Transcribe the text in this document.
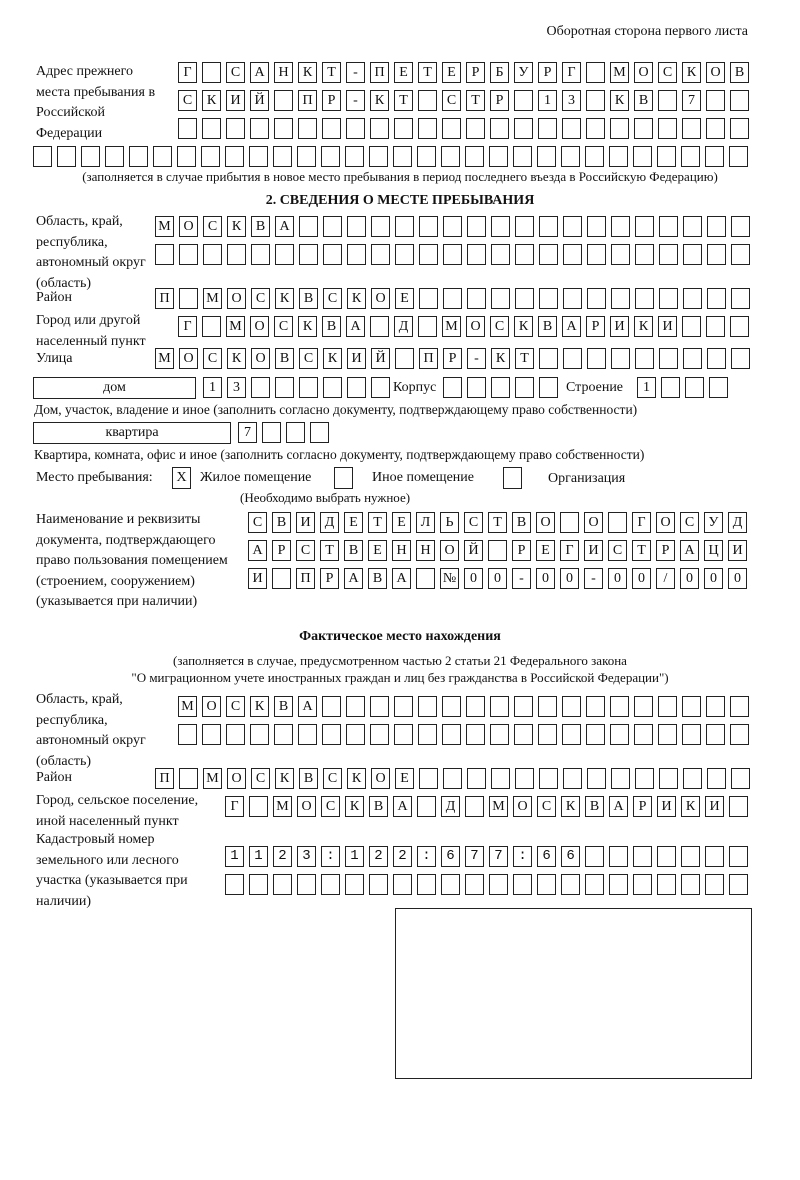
Оборотная сторона первого листа
Адрес прежнего места пребывания в Российской Федерации
Г	С	А Н	К	Т	-	П	Е	Т	Е	Р	Б	У	Р	Г	М О	С	К	О	В
С	К	И Й	П	Р	-	К	Т	С	Т	Р	1	3	К	В	7
(заполняется в случае прибытия в новое место пребывания в период последнего въезда в Российскую Федерацию)
2. СВЕДЕНИЯ О МЕСТЕ ПРЕБЫВАНИЯ
Область, край, республика, автономный округ (область)
М О	С	К	В	А
Район	П	М О	С	К	В	С	К	О	Е
Город или другой населенный пункт
Г	М О	С	К	В	А	Д	М О	С	К	В	А	Р	И	К	И
Улица	М О	С	К	О	В	С	К	И Й	П	Р	-	К	Т
дом	1	3	Корпус	Строение	1
Дом, участок, владение и иное (заполнить согласно документу, подтверждающему право собственности)
квартира	7
Квартира, комната, офис и иное (заполнить согласно документу, подтверждающему право собственности)
Место пребывания:	X Жилое помещение	Иное помещение	Организация
(Необходимо выбрать нужное)
Наименование и реквизиты документа, подтверждающего право пользования помещением (строением, сооружением) (указывается при наличии)
С	В	И	Д	Е	Т	Е	Л	Ь	С	Т	В	О	О	Г	О	С	У	Д
А	Р	С	Т	В	Е	Н Н О Й	Р	Е	Г	И	С	Т	Р	А Ц И
И	П	Р	А	В	А	№ 0	0	-	0	0	-	0	0	/	0	0	0
Фактическое место нахождения
(заполняется в случае, предусмотренном частью 2 статьи 21 Федерального закона
"О миграционном учете иностранных граждан и лиц без гражданства в Российской Федерации")
Область, край, республика, автономный округ (область)
М О	С	К	В	А
Район	П	М О	С	К	В	С	К	О	Е
Город, сельское поселение, иной населенный пункт
Г	М О	С	К	В	А	Д	М О	С	К	В	А	Р	И	К	И
Кадастровый номер земельного или лесного участка (указывается при наличии)
1123:122:677:66
